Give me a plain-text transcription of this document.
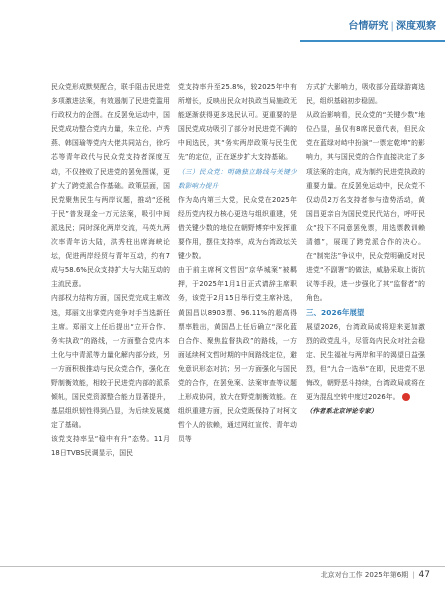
台情研究 | 深度观察

民众党形成默契配合，联手阻击民进党多项激进法案，有效遏制了民进党滥用行政权力的企图。在反罢免运动中，国民党成功整合党内力量，朱立伦、卢秀燕、韩国瑜等党内大佬共同站台，徐巧芯等青年政代与民众党支持者深度互动，不仅挫败了民进党的罢免图谋，更扩大了跨党派合作基础。政策层面，国民党聚焦民生与两岸议题，推动“还税于民”普发现金一万元法案，吸引中间派选民；同时深化两岸交流，马英九两次率青年访大陆，洪秀柱出席海峡论坛，促进两岸经贸与青年互动，约有7成与58.6%民众支持扩大与大陆互动的主流民意。

内部权力结构方面，国民党完成主席改选，郑丽文出掌党内竞争对手当选新任主席。郑丽文上任后提出“立开合作、务实执政”的路线，一方面整合党内本土化与中青派等力量化解内部分歧，另一方面积极推动与民众党合作，强化在野制衡效能，相较于民进党内部的派系倾轧，国民党资源整合能力显著提升，基层组织韧性得到凸显，为后续发展奠定了基础。

该党支持率呈“稳中有升”态势。11月18日TVBS民调显示，国民

党支持率升至25.8%，较2025年中有所增长，反映出民众对执政当局施政无能逐渐获得更多选民认可。更重要的是国民党成功吸引了部分对民进党不满的中间选民，其“务实两岸政策与民生优先”的定位，正在逐步扩大支持基础。

（三）民众党：明确独立路线与关键少数影响力提升

作为岛内第三大党，民众党在2025年经历党内权力核心更迭与组织重建，凭借关键少数的地位在朝野博弈中发挥重要作用，摆住支持率，成为台湾政坛关键少数。

由于前主席柯文哲因“京华城案”被羁押，于2025年1月1日正式请辞主席职务，该党于2月15日举行党主席补选，黄国昌以8903票、96.11%的超高得票率胜出，黄国昌上任后确立“深化蓝白合作、聚焦监督执政”的路线，一方面延续柯文哲时期的中间路线定位，避免意识形态对抗；另一方面强化与国民党的合作，在罢免案、法案审查等议题上形成协同，放大在野党制衡效能。在组织重建方面，民众党既保持了对柯文哲个人的依赖，通过网红宣传、青年动员等

方式扩大影响力，吸收部分蓝绿游离选民，组织基础初步稳固。

从政治影响看，民众党的“关键少数”地位凸显，虽仅有8席民意代表，但民众党在蓝绿对峙中扮演“一票定乾坤”的影响力，其与国民党的合作直接决定了多项法案的走向，成为制约民进党执政的重要力量。在反罢免运动中，民众党不仅动员2万名支持者参与造势活动，黄国昌更亲自为国民党民代站台，呼吁民众“投下不同意罢免票，用选票教训赖清德”，展现了跨党派合作的决心。在“制宪法”争议中，民众党明确反对民进党“不副署”的做法，威胁采取上街抗议等手段，进一步强化了其“监督者”的角色。

三、2026年展望

展望2026，台湾政局或将迎来更加激烈的政党乱斗，尽管岛内民众对社会稳定、民生福祉与两岸和平的渴望日益强烈，但“九合一选举”在即，民进党不思悔改，朝野恶斗持续，台湾政局或将在更为混乱空转中度过2026年。

（作者系北京评论专家）

北京对台工作 2025年第6期 | 47
